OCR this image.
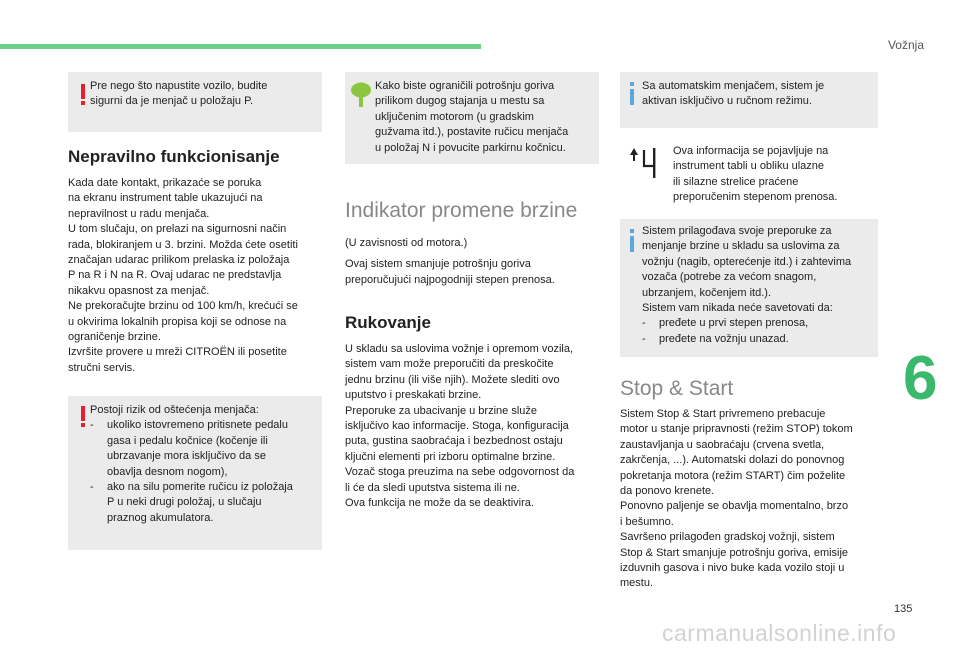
Vožnja
6
135
carmanualsonline.info

Pre nego što napustite vozilo, budite

sigurni da je menjač u položaju P.

Nepravilno funkcionisanje

Kada date kontakt, prikazaće se poruka

na ekranu instrument table ukazujući na

nepravilnost u radu menjača.

U tom slučaju, on prelazi na sigurnosni način

rada, blokiranjem u 3. brzini. Možda ćete osetiti

značajan udarac prilikom prelaska iz položaja

P na R i N na R. Ovaj udarac ne predstavlja

nikakvu opasnost za menjač.

Ne prekoračujte brzinu od 100 km/h, krećući se

u okvirima lokalnih propisa koji se odnose na

ograničenje brzine.

Izvršite provere u mreži CITROËN ili posetite

stručni servis.

Postoji rizik od oštećenja menjača:

-	ukoliko istovremeno pritisnete pedalu

gasa i pedalu kočnice (kočenje ili

ubrzavanje mora isključivo da se

obavlja desnom nogom),

-	ako na silu pomerite ručicu iz položaja

P u neki drugi položaj, u slučaju

praznog akumulatora.

Kako biste ograničili potrošnju goriva

prilikom dugog stajanja u mestu sa

uključenim motorom (u gradskim

gužvama itd.), postavite ručicu menjača

u položaj N i povucite parkirnu kočnicu.

Indikator promene brzine

(U zavisnosti od motora.)

Ovaj sistem smanjuje potrošnju goriva

preporučujući najpogodniji stepen prenosa.

Rukovanje

U skladu sa uslovima vožnje i opremom vozila,

sistem vam može preporučiti da preskočite

jednu brzinu (ili više njih). Možete slediti ovo

uputstvo i preskakati brzine.

Preporuke za ubacivanje u brzine služe

isključivo kao informacije. Stoga, konfiguracija

puta, gustina saobraćaja i bezbednost ostaju

ključni elementi pri izboru optimalne brzine.

Vozač stoga preuzima na sebe odgovornost da

li će da sledi uputstva sistema ili ne.

Ova funkcija ne može da se deaktivira.

Sa automatskim menjačem, sistem je

aktivan isključivo u ručnom režimu.

Ova informacija se pojavljuje na

instrument tabli u obliku ulazne

ili silazne strelice praćene

preporučenim stepenom prenosa.

Sistem prilagođava svoje preporuke za

menjanje brzine u skladu sa uslovima za

vožnju (nagib, opterećenje itd.) i zahtevima

vozača (potrebe za većom snagom,

ubrzanjem, kočenjem itd.).

Sistem vam nikada neće savetovati da:

-	pređete u prvi stepen prenosa,

-	pređete na vožnju unazad.

Stop & Start

Sistem Stop & Start privremeno prebacuje

motor u stanje pripravnosti (režim STOP) tokom

zaustavljanja u saobraćaju (crvena svetla,

zakrčenja, ...). Automatski dolazi do ponovnog

pokretanja motora (režim START) čim poželite

da ponovo krenete.

Ponovno paljenje se obavlja momentalno, brzo

i bešumno.

Savršeno prilagođen gradskoj vožnji, sistem

Stop & Start smanjuje potrošnju goriva, emisije

izduvnih gasova i nivo buke kada vozilo stoji u

mestu.
